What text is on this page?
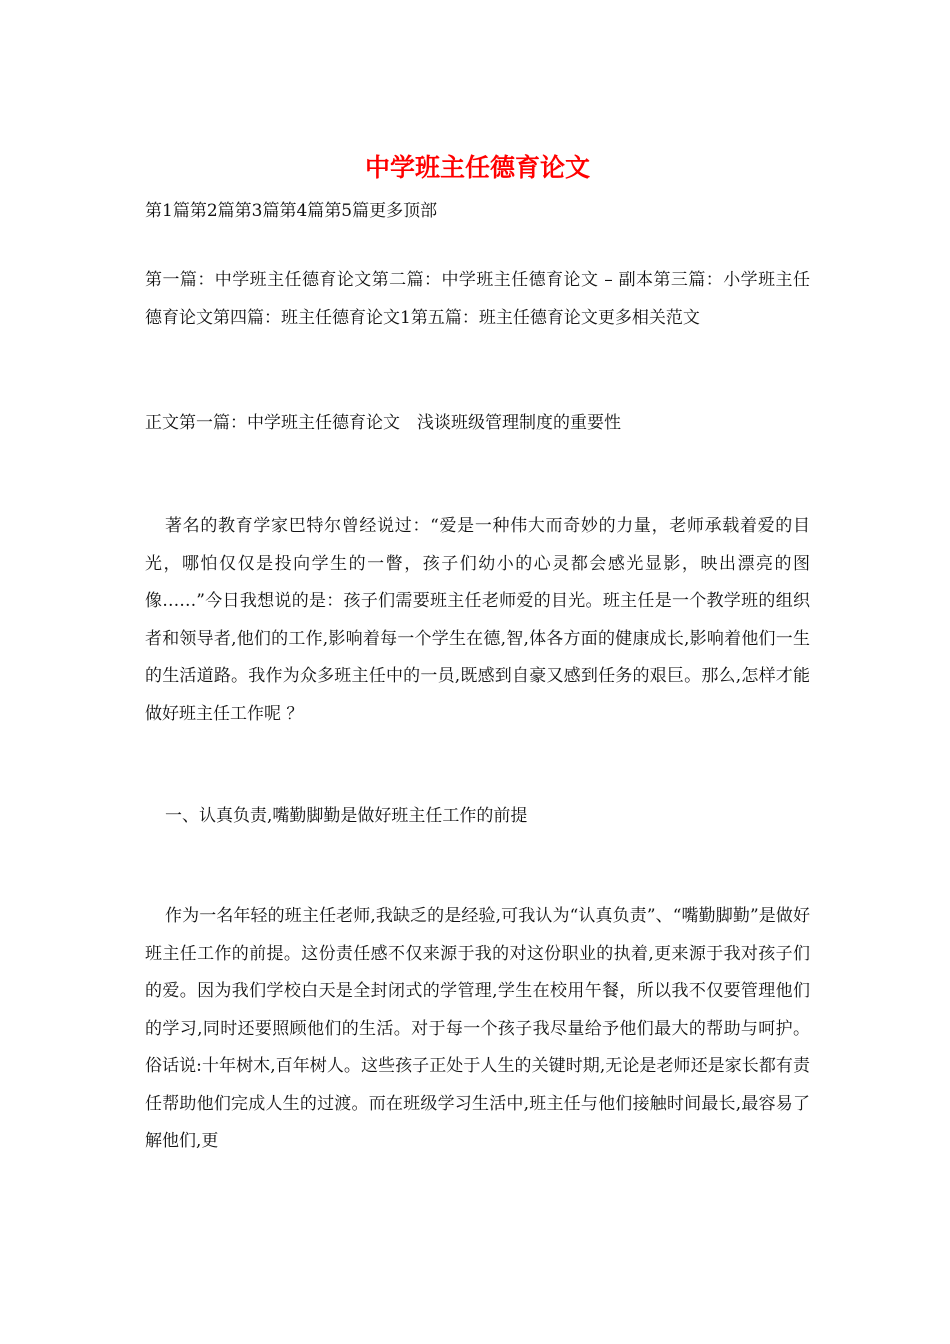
中学班主任德育论文
第1篇第2篇第3篇第4篇第5篇更多顶部

第一篇：中学班主任德育论文第二篇：中学班主任德育论文 – 副本第三篇：小学班主任德育论文第四篇：班主任德育论文1第五篇：班主任德育论文更多相关范文

正文第一篇：中学班主任德育论文　浅谈班级管理制度的重要性

著名的教育学家巴特尔曾经说过：“爱是一种伟大而奇妙的力量，老师承载着爱的目光，哪怕仅仅是投向学生的一瞥，孩子们幼小的心灵都会感光显影，映出漂亮的图像……”今日我想说的是：孩子们需要班主任老师爱的目光。班主任是一个教学班的组织者和领导者,他们的工作,影响着每一个学生在德,智,体各方面的健康成长,影响着他们一生的生活道路。我作为众多班主任中的一员,既感到自豪又感到任务的艰巨。那么,怎样才能做好班主任工作呢 ？

一、认真负责,嘴勤脚勤是做好班主任工作的前提

作为一名年轻的班主任老师,我缺乏的是经验,可我认为“认真负责”、“嘴勤脚勤”是做好班主任工作的前提。这份责任感不仅来源于我的对这份职业的执着,更来源于我对孩子们的爱。因为我们学校白天是全封闭式的学管理,学生在校用午餐，所以我不仅要管理他们的学习,同时还要照顾他们的生活。对于每一个孩子我尽量给予他们最大的帮助与呵护。俗话说:十年树木,百年树人。这些孩子正处于人生的关键时期,无论是老师还是家长都有责任帮助他们完成人生的过渡。而在班级学习生活中,班主任与他们接触时间最长,最容易了解他们,更
